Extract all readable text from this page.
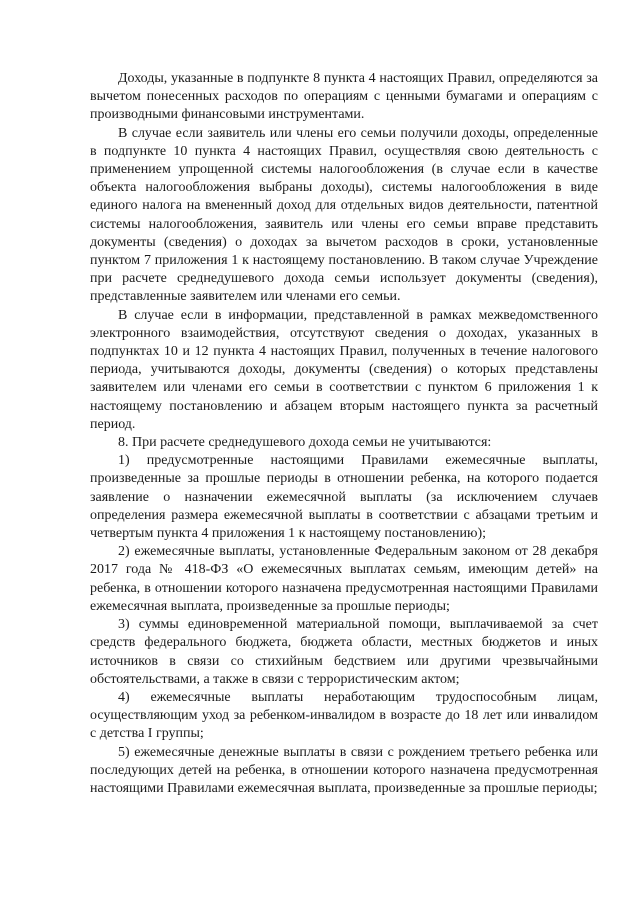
Доходы, указанные в подпункте 8 пункта 4 настоящих Правил, определяются за вычетом понесенных расходов по операциям с ценными бумагами и операциям с производными финансовыми инструментами.

В случае если заявитель или члены его семьи получили доходы, определенные в подпункте 10 пункта 4 настоящих Правил, осуществляя свою деятельность с применением упрощенной системы налогообложения (в случае если в качестве объекта налогообложения выбраны доходы), системы налогообложения в виде единого налога на вмененный доход для отдельных видов деятельности, патентной системы налогообложения, заявитель или члены его семьи вправе представить документы (сведения) о доходах за вычетом расходов в сроки, установленные пунктом 7 приложения 1 к настоящему постановлению. В таком случае Учреждение при расчете среднедушевого дохода семьи использует документы (сведения), представленные заявителем или членами его семьи.

В случае если в информации, представленной в рамках межведомственного электронного взаимодействия, отсутствуют сведения о доходах, указанных в подпунктах 10 и 12 пункта 4 настоящих Правил, полученных в течение налогового периода, учитываются доходы, документы (сведения) о которых представлены заявителем или членами его семьи в соответствии с пунктом 6 приложения 1 к настоящему постановлению и абзацем вторым настоящего пункта за расчетный период.

8. При расчете среднедушевого дохода семьи не учитываются:

1) предусмотренные настоящими Правилами ежемесячные выплаты, произведенные за прошлые периоды в отношении ребенка, на которого подается заявление о назначении ежемесячной выплаты (за исключением случаев определения размера ежемесячной выплаты в соответствии с абзацами третьим и четвертым пункта 4 приложения 1 к настоящему постановлению);

2) ежемесячные выплаты, установленные Федеральным законом от 28 декабря 2017 года № 418-ФЗ «О ежемесячных выплатах семьям, имеющим детей» на ребенка, в отношении которого назначена предусмотренная настоящими Правилами ежемесячная выплата, произведенные за прошлые периоды;

3) суммы единовременной материальной помощи, выплачиваемой за счет средств федерального бюджета, бюджета области, местных бюджетов и иных источников в связи со стихийным бедствием или другими чрезвычайными обстоятельствами, а также в связи с террористическим актом;

4) ежемесячные выплаты неработающим трудоспособным лицам, осуществляющим уход за ребенком-инвалидом в возрасте до 18 лет или инвалидом с детства I группы;

5) ежемесячные денежные выплаты в связи с рождением третьего ребенка или последующих детей на ребенка, в отношении которого назначена предусмотренная настоящими Правилами ежемесячная выплата, произведенные за прошлые периоды;
